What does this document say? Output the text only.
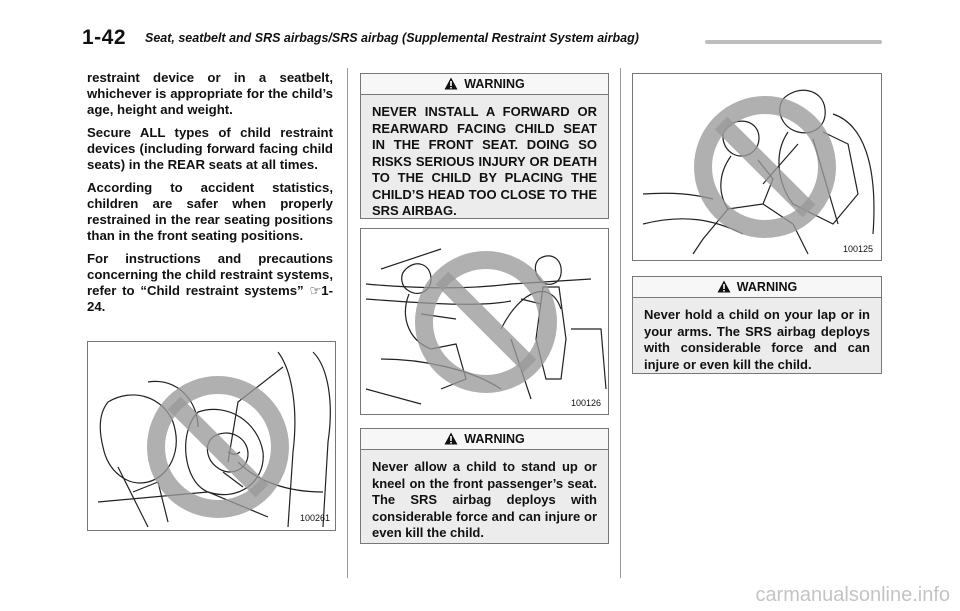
1-42 Seat, seatbelt and SRS airbags/SRS airbag (Supplemental Restraint System airbag)

restraint device or in a seatbelt, whichever is appropriate for the child’s age, height and weight.

Secure ALL types of child restraint devices (including forward facing child seats) in the REAR seats at all times.

According to accident statistics, children are safer when properly restrained in the rear seating positions than in the front seating positions.

For instructions and precautions concerning the child restraint systems, refer to “Child restraint systems” ☞1-24.

100261
WARNING
NEVER INSTALL A FORWARD OR REARWARD FACING CHILD SEAT IN THE FRONT SEAT. DOING SO RISKS SERIOUS INJURY OR DEATH TO THE CHILD BY PLACING THE CHILD’S HEAD TOO CLOSE TO THE SRS AIRBAG.
100126
WARNING
Never allow a child to stand up or kneel on the front passenger’s seat. The SRS airbag deploys with considerable force and can injure or even kill the child.
100125
WARNING
Never hold a child on your lap or in your arms. The SRS airbag deploys with considerable force and can injure or even kill the child.
carmanualsonline.info
